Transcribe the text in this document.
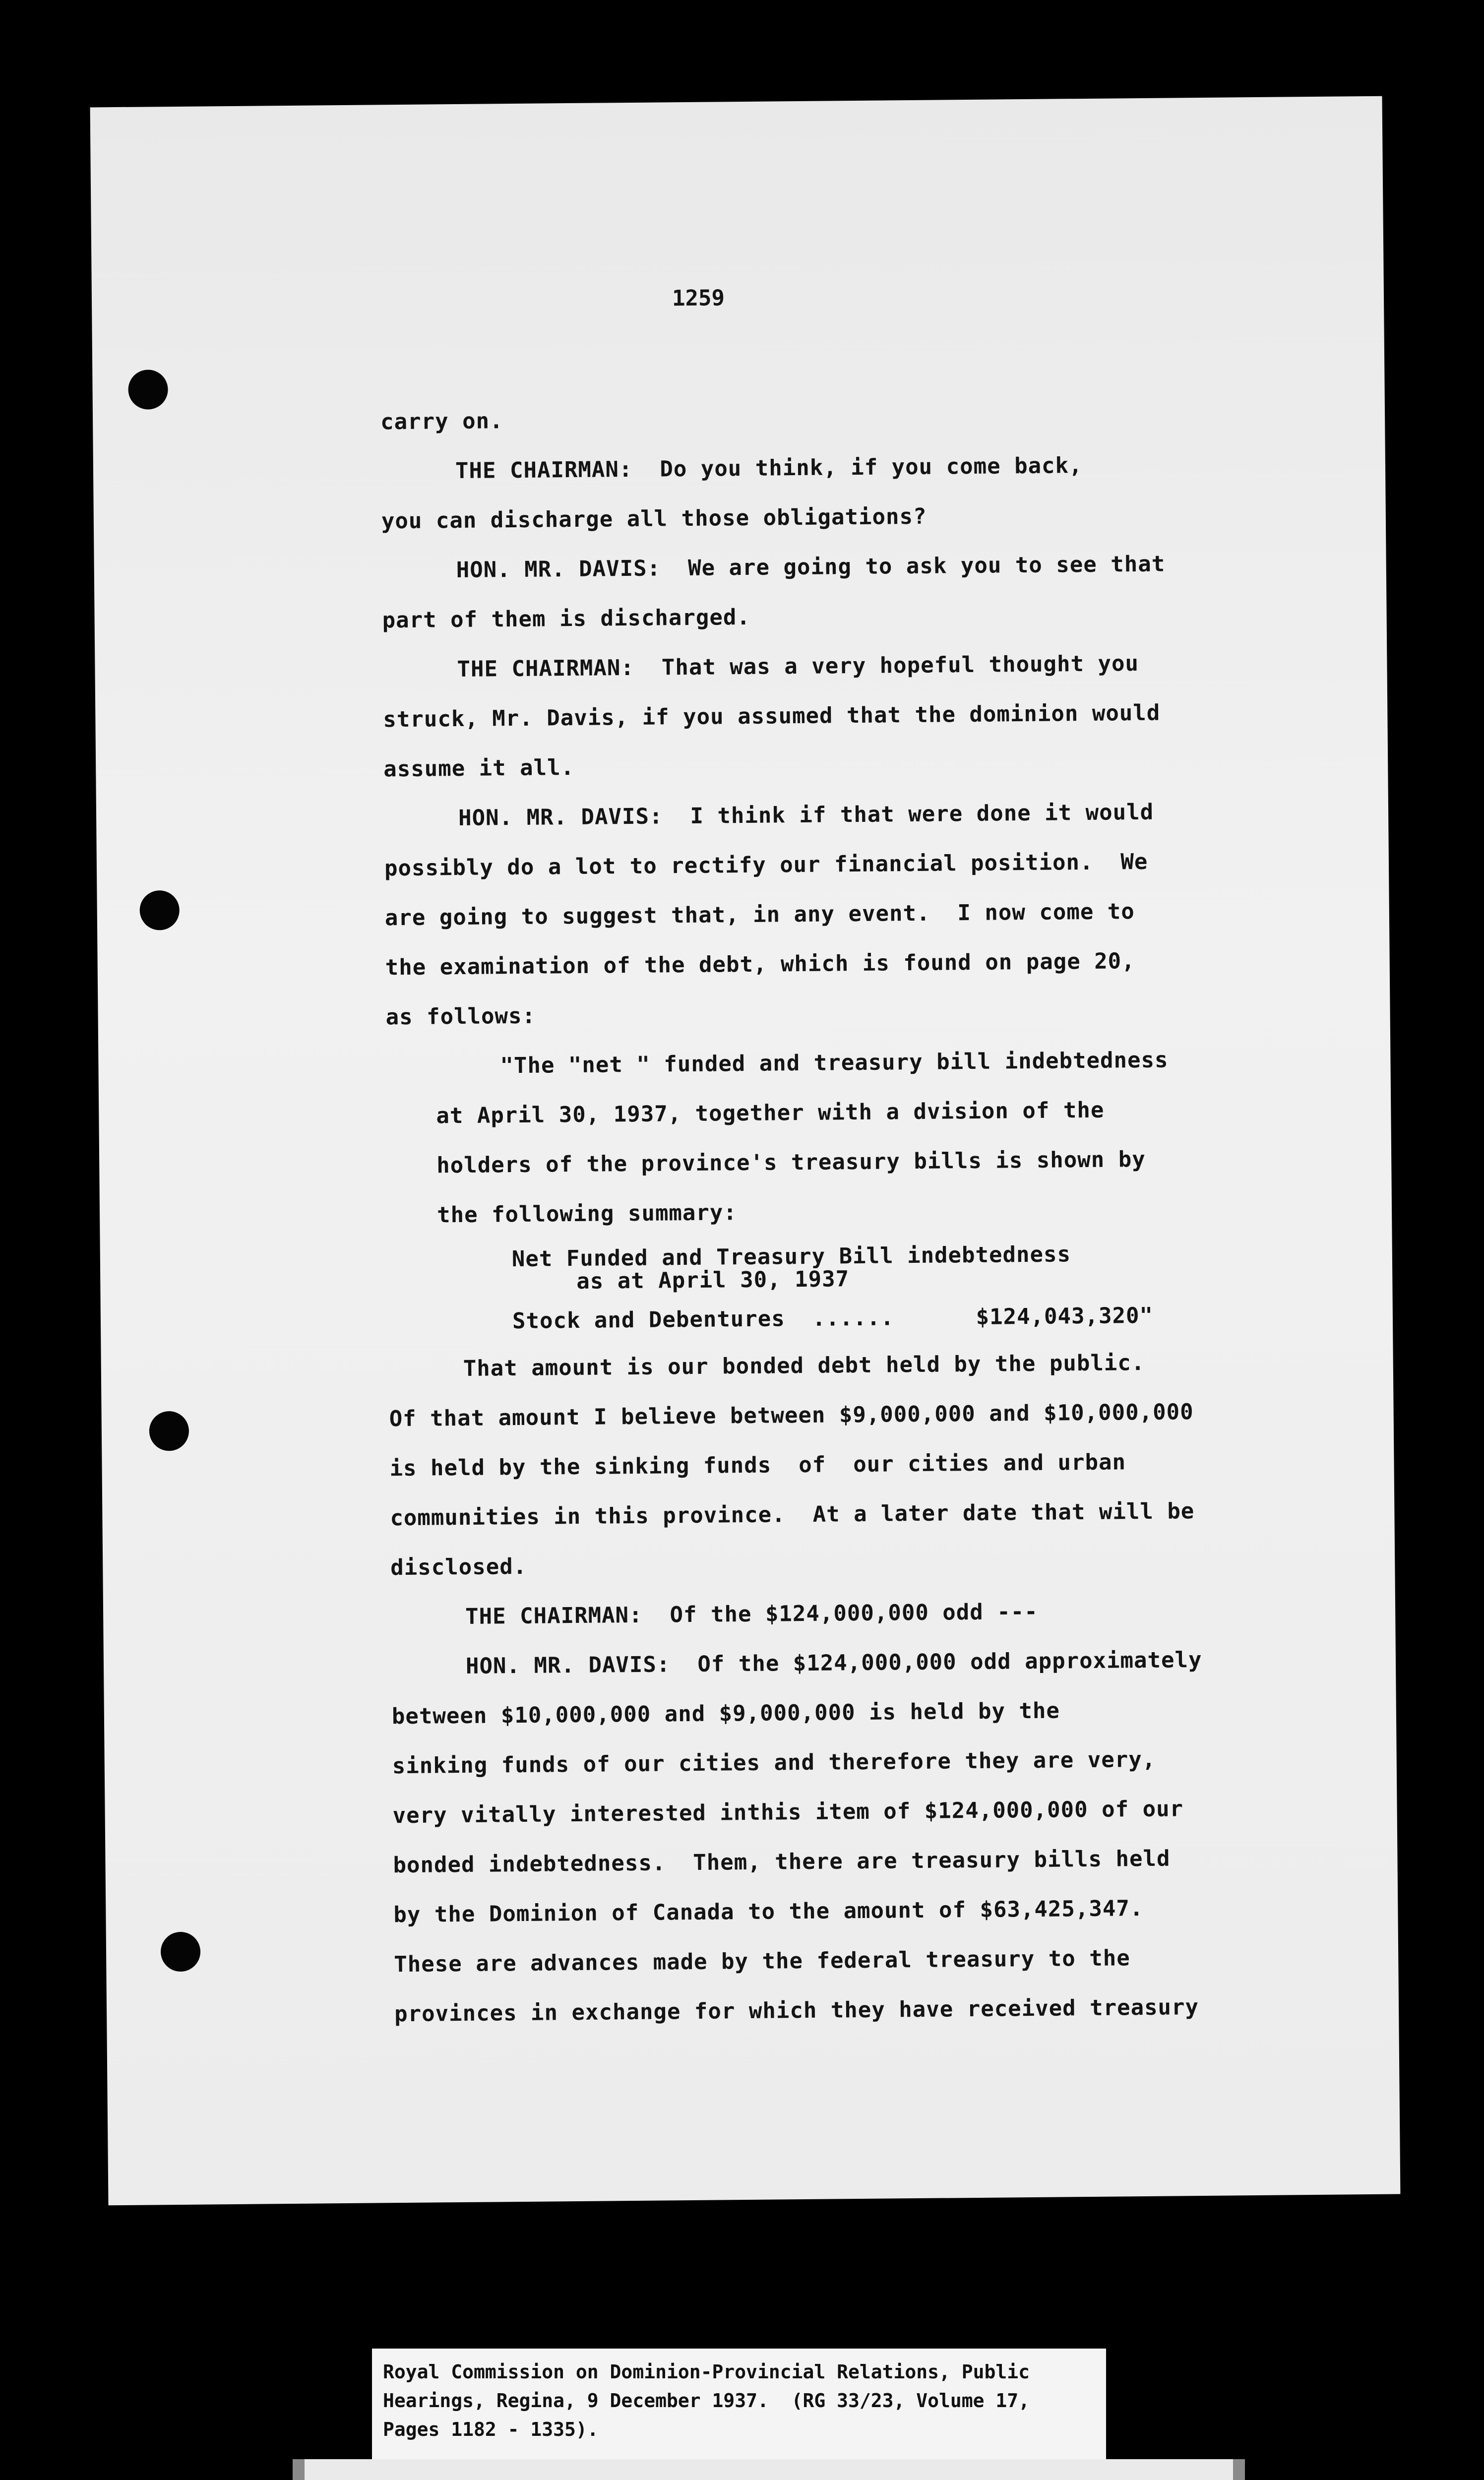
1259
carry on.
THE CHAIRMAN:  Do you think, if you come back,
you can discharge all those obligations?
HON. MR. DAVIS:  We are going to ask you to see that
part of them is discharged.
THE CHAIRMAN:  That was a very hopeful thought you
struck, Mr. Davis, if you assumed that the dominion would
assume it all.
HON. MR. DAVIS:  I think if that were done it would
possibly do a lot to rectify our financial position.  We
are going to suggest that, in any event.  I now come to
the examination of the debt, which is found on page 20,
as follows:
"The "net " funded and treasury bill indebtedness
at April 30, 1937, together with a dvision of the
holders of the province's treasury bills is shown by
the following summary:
Net Funded and Treasury Bill indebtedness
as at April 30, 1937
Stock and Debentures  ......      $124,043,320"
That amount is our bonded debt held by the public.
Of that amount I believe between $9,000,000 and $10,000,000
is held by the sinking funds  of  our cities and urban
communities in this province.  At a later date that will be
disclosed.
THE CHAIRMAN:  Of the $124,000,000 odd ---
HON. MR. DAVIS:  Of the $124,000,000 odd approximately
between $10,000,000 and $9,000,000 is held by the
sinking funds of our cities and therefore they are very,
very vitally interested inthis item of $124,000,000 of our
bonded indebtedness.  Them, there are treasury bills held
by the Dominion of Canada to the amount of $63,425,347.
These are advances made by the federal treasury to the
provinces in exchange for which they have received treasury
Royal Commission on Dominion-Provincial Relations, Public
Hearings, Regina, 9 December 1937.  (RG 33/23, Volume 17,
Pages 1182 - 1335).
